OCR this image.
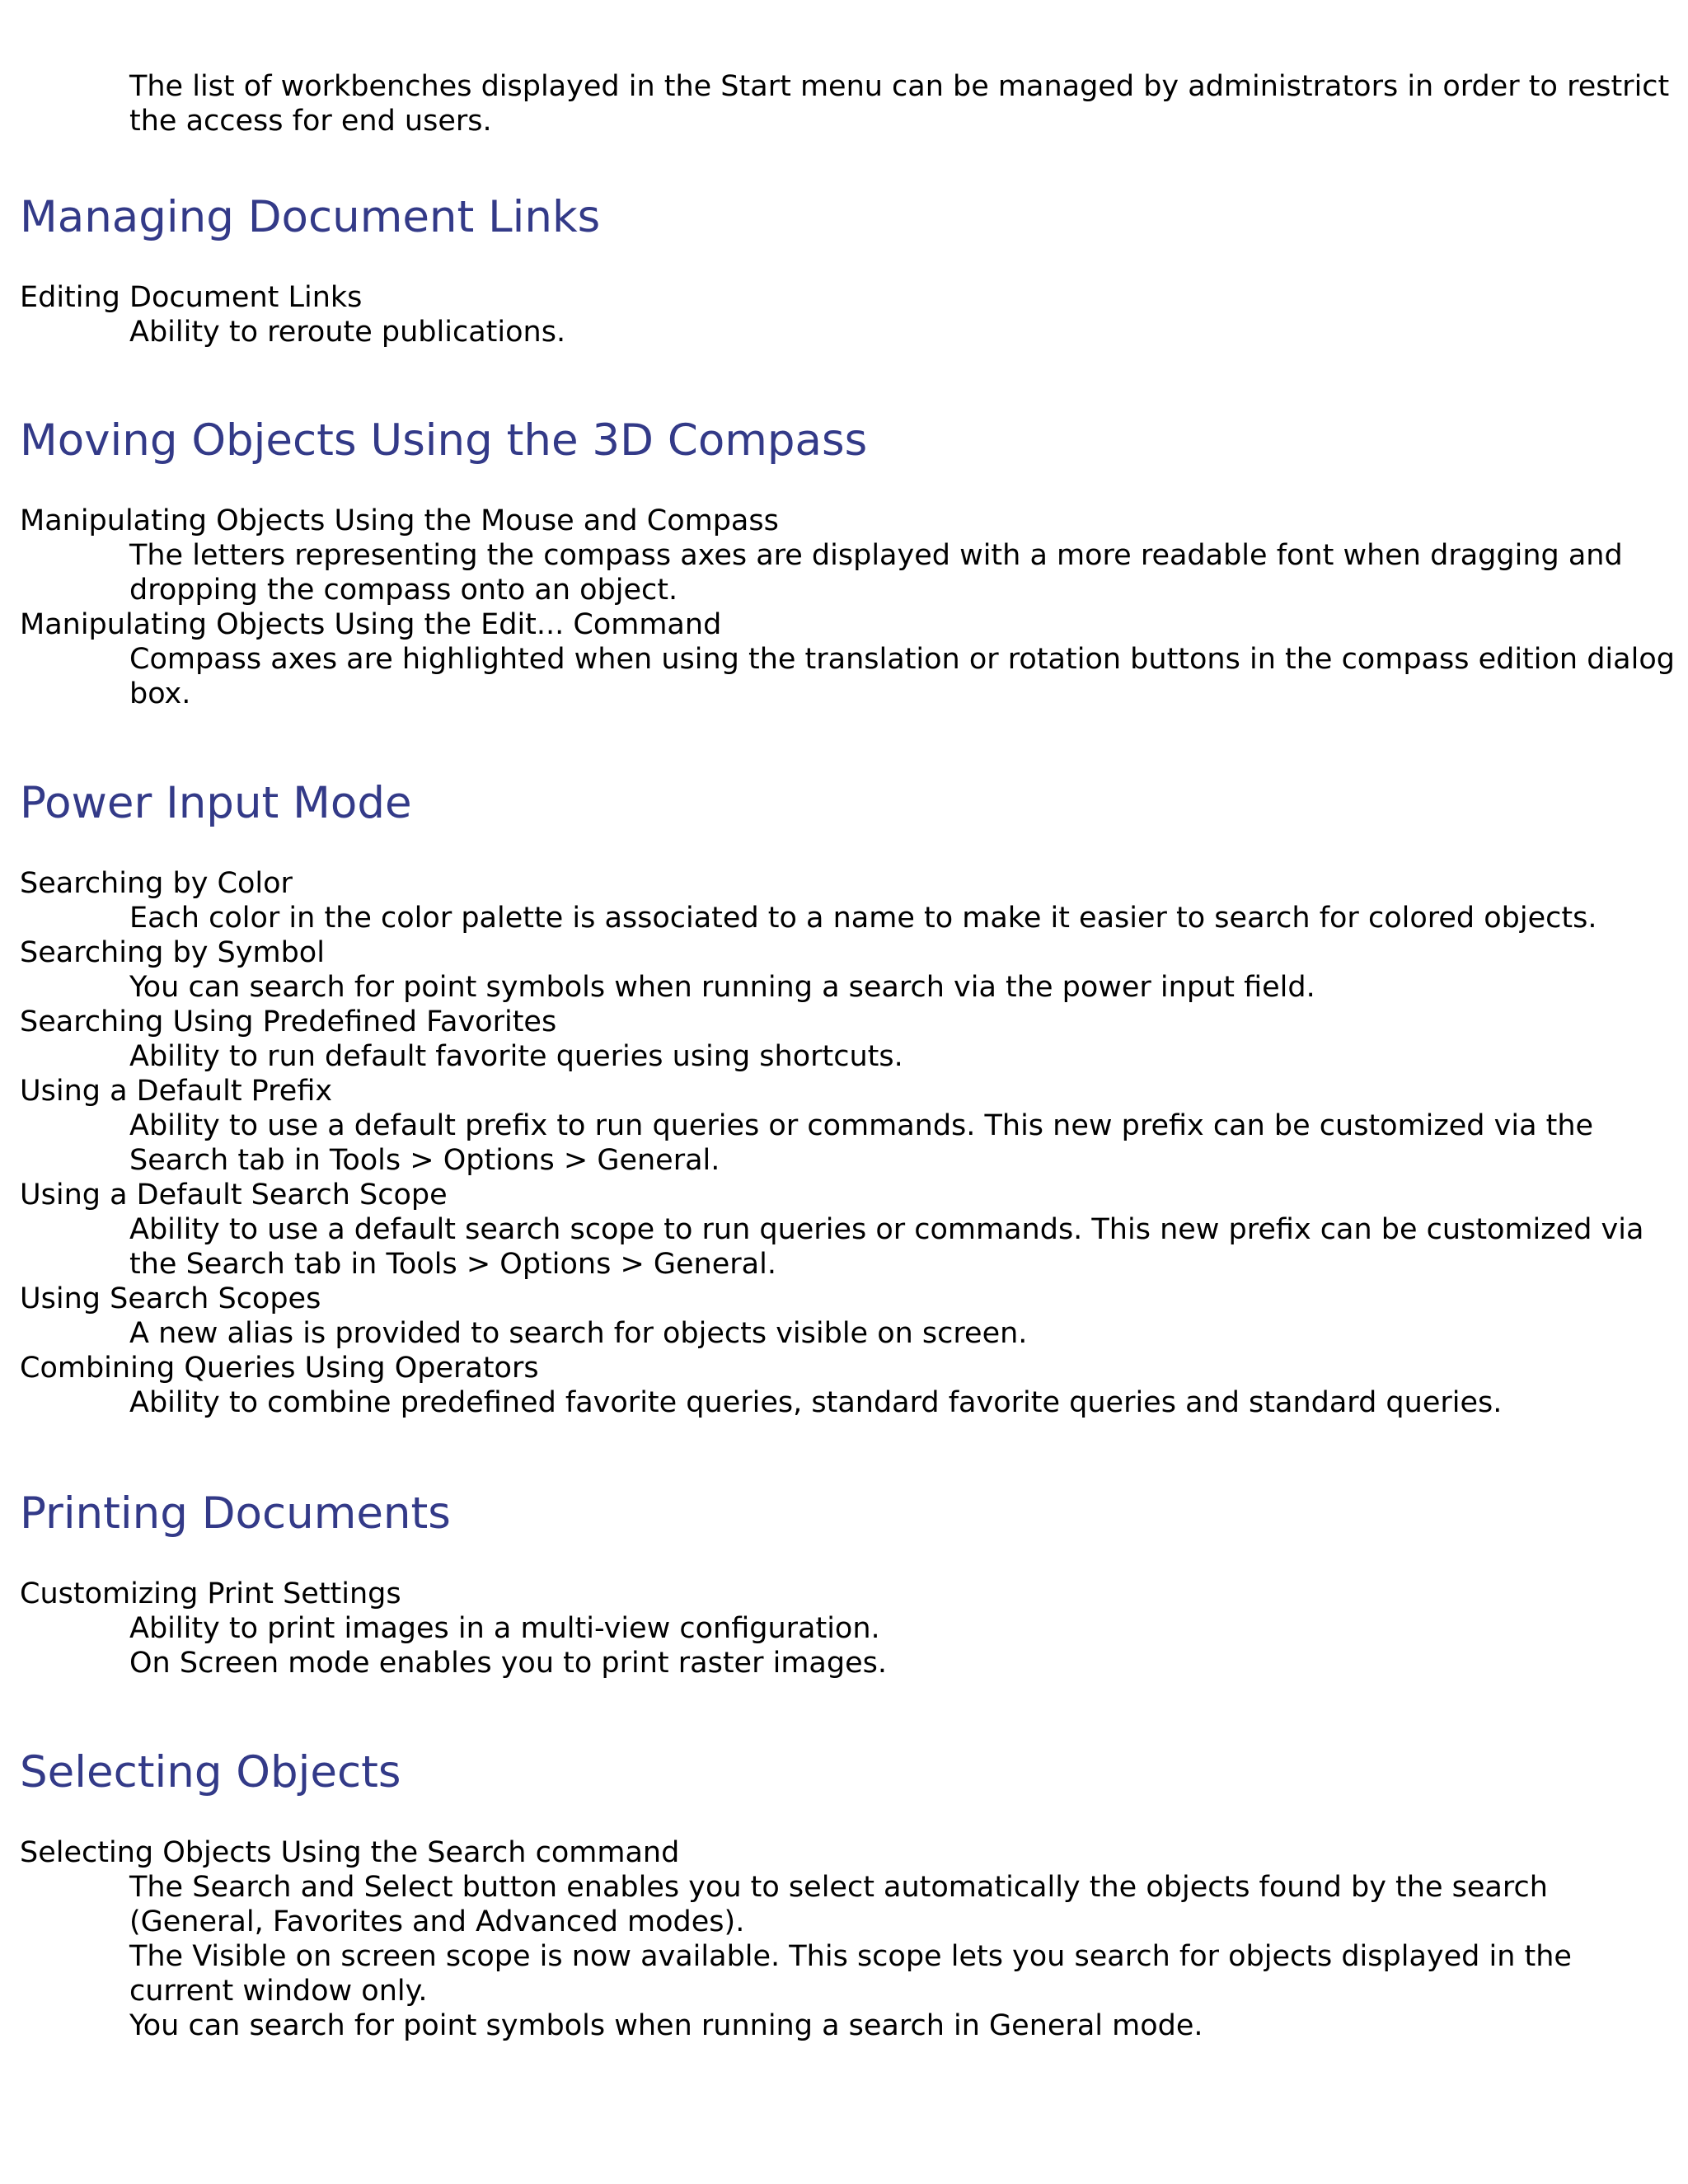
The list of workbenches displayed in the Start menu can be managed by administrators in order to restrict the access for end users.

Managing Document Links
Editing Document Links

Ability to reroute publications.

Moving Objects Using the 3D Compass
Manipulating Objects Using the Mouse and Compass

The letters representing the compass axes are displayed with a more readable font when dragging and dropping the compass onto an object.

Manipulating Objects Using the Edit... Command

Compass axes are highlighted when using the translation or rotation buttons in the compass edition dialog box.

Power Input Mode
Searching by Color

Each color in the color palette is associated to a name to make it easier to search for colored objects.

Searching by Symbol

You can search for point symbols when running a search via the power input field.

Searching Using Predefined Favorites

Ability to run default favorite queries using shortcuts.

Using a Default Prefix

Ability to use a default prefix to run queries or commands. This new prefix can be customized via the Search tab in Tools > Options > General.

Using a Default Search Scope

Ability to use a default search scope to run queries or commands. This new prefix can be customized via the Search tab in Tools > Options > General.

Using Search Scopes

A new alias is provided to search for objects visible on screen.

Combining Queries Using Operators

Ability to combine predefined favorite queries, standard favorite queries and standard queries.

Printing Documents
Customizing Print Settings

Ability to print images in a multi-view configuration.

On Screen mode enables you to print raster images.

Selecting Objects
Selecting Objects Using the Search command

The Search and Select button enables you to select automatically the objects found by the search (General, Favorites and Advanced modes).

The Visible on screen scope is now available. This scope lets you search for objects displayed in the current window only.

You can search for point symbols when running a search in General mode.
